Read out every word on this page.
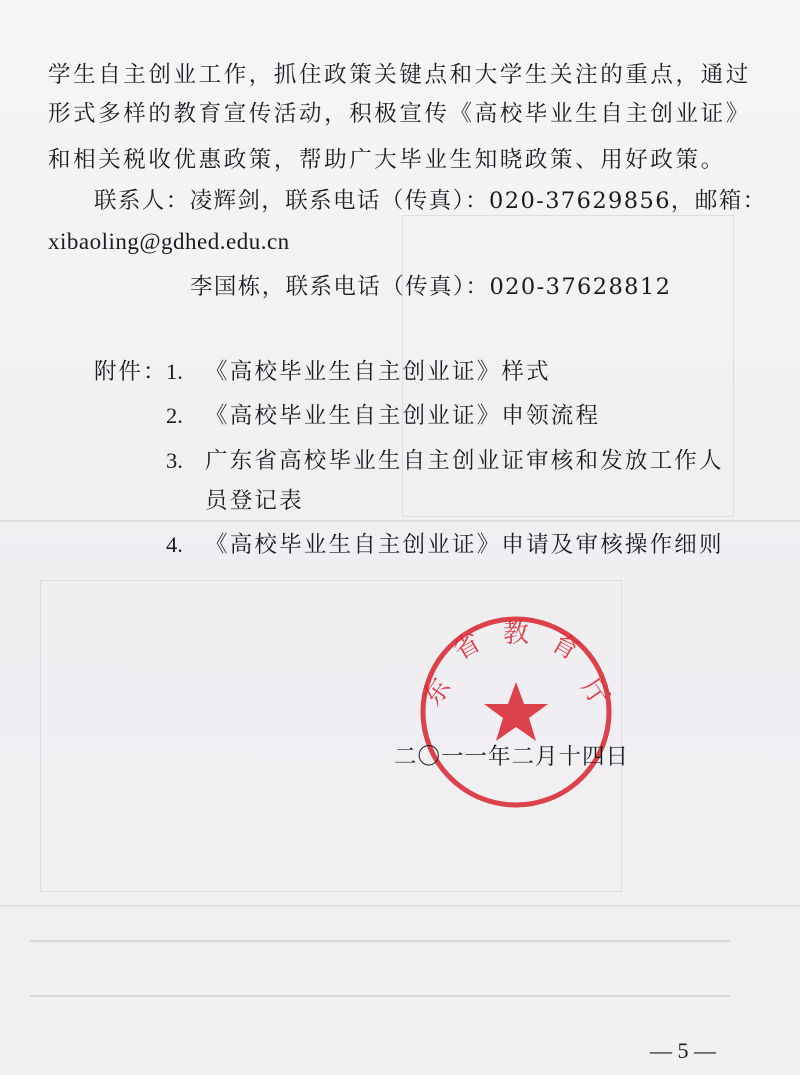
学生自主创业工作，抓住政策关键点和大学生关注的重点，通过
形式多样的教育宣传活动，积极宣传《高校毕业生自主创业证》
和相关税收优惠政策，帮助广大毕业生知晓政策、用好政策。
联系人：凌辉剑，联系电话（传真）：020-37629856，邮箱：
xibaoling@gdhed.edu.cn
李国栋，联系电话（传真）：020-37628812
附件：
1. 《高校毕业生自主创业证》样式
2. 《高校毕业生自主创业证》申领流程
3. 广东省高校毕业生自主创业证审核和发放工作人
员登记表
4. 《高校毕业生自主创业证》申请及审核操作细则
东
省 教 育
厅
二〇一一年二月十四日
— 5 —
